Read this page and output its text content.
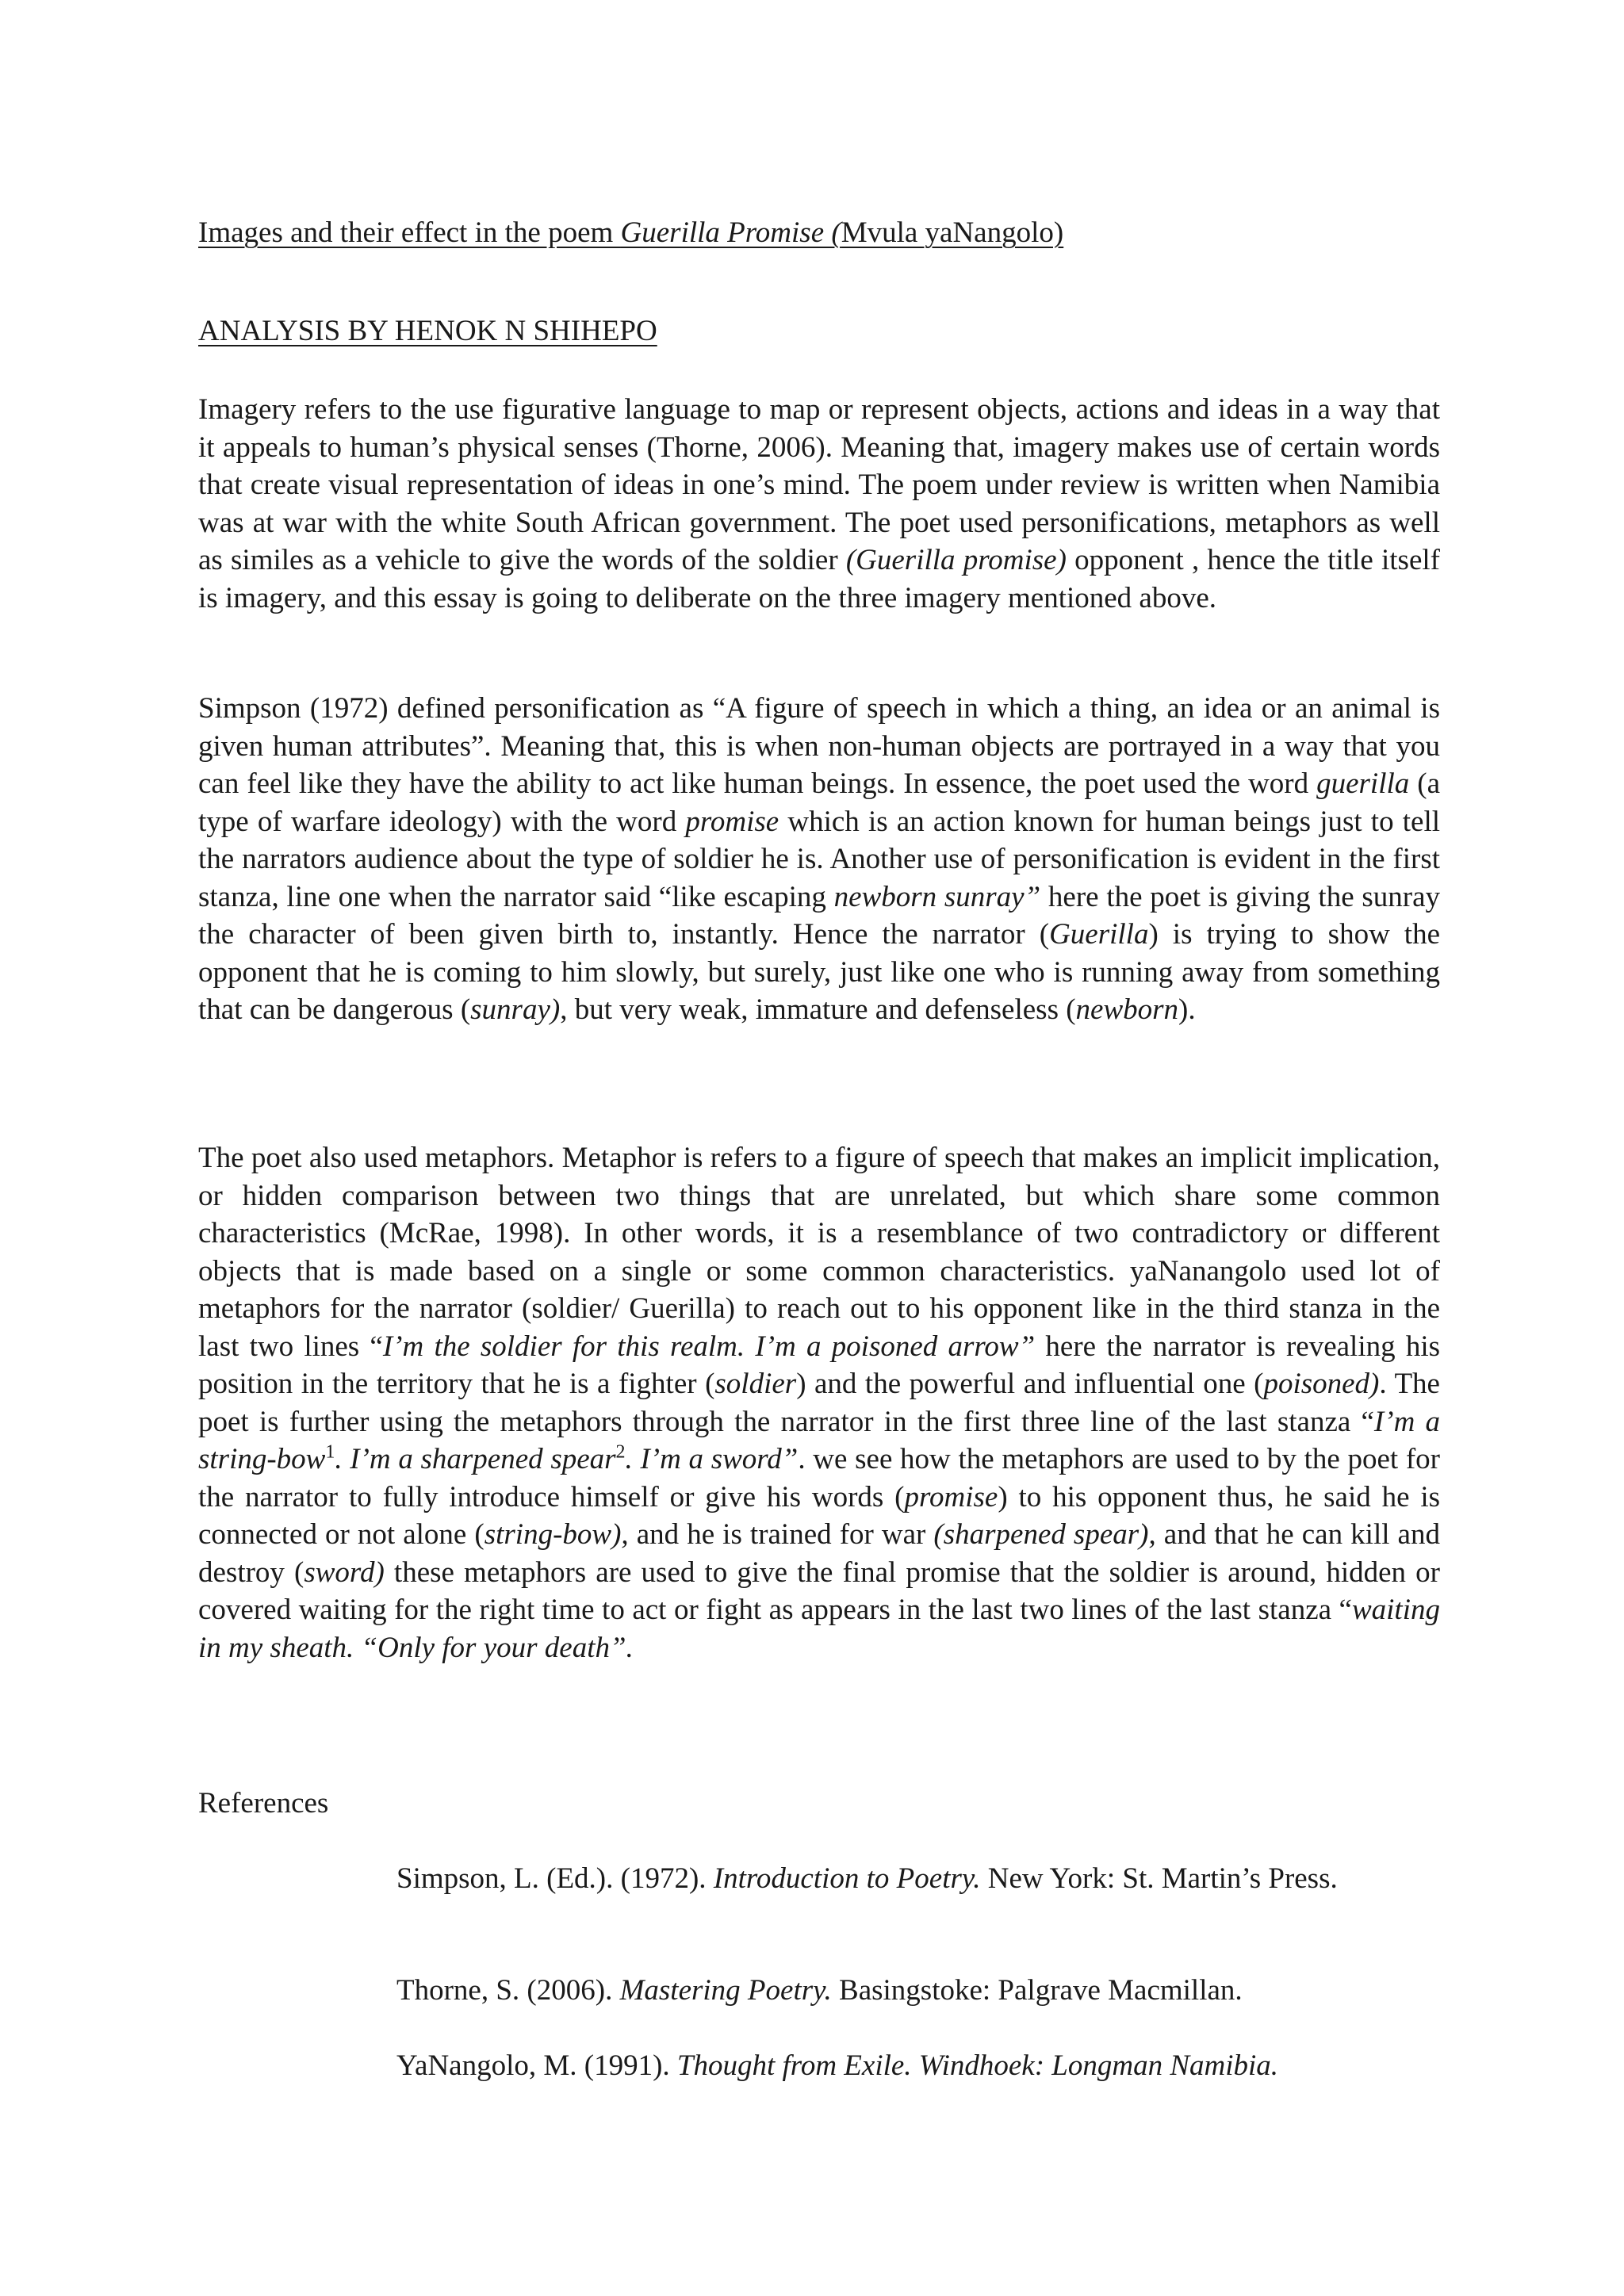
Images and their effect in the poem Guerilla Promise (Mvula yaNangolo)
ANALYSIS BY HENOK N SHIHEPO
Imagery refers to the use figurative language to map or represent objects, actions and ideas in a way that it appeals to human’s physical senses (Thorne, 2006). Meaning that, imagery makes use of certain words that create visual representation of ideas in one’s mind. The poem under review is written when Namibia was at war with the white South African government. The poet used personifications, metaphors as well as similes as a vehicle to give the words of the soldier (Guerilla promise) opponent , hence the title itself is imagery, and this essay is going to deliberate on the three imagery mentioned above.
Simpson (1972) defined personification as “A figure of speech in which a thing, an idea or an animal is given human attributes”. Meaning that, this is when non-human objects are portrayed in a way that you can feel like they have the ability to act like human beings. In essence, the poet used the word guerilla (a type of warfare ideology) with the word promise which is an action known for human beings just to tell the narrators audience about the type of soldier he is. Another use of personification is evident in the first stanza, line one when the narrator said “like escaping newborn sunray” here the poet is giving the sunray the character of been given birth to, instantly. Hence the narrator (Guerilla) is trying to show the opponent that he is coming to him slowly, but surely, just like one who is running away from something that can be dangerous (sunray), but very weak, immature and defenseless (newborn).
The poet also used metaphors. Metaphor is refers to a figure of speech that makes an implicit implication, or hidden comparison between two things that are unrelated, but which share some common characteristics (McRae, 1998). In other words, it is a resemblance of two contradictory or different objects that is made based on a single or some common characteristics. yaNanangolo used lot of metaphors for the narrator (soldier/ Guerilla) to reach out to his opponent like in the third stanza in the last two lines “I’m the soldier for this realm. I’m a poisoned arrow” here the narrator is revealing his position in the territory that he is a fighter (soldier) and the powerful and influential one (poisoned). The poet is further using the metaphors through the narrator in the first three line of the last stanza “I’m a string-bow$^1$. I’m a sharpened spear$^2$. I’m a sword”. we see how the metaphors are used to by the poet for the narrator to fully introduce himself or give his words (promise) to his opponent thus, he said he is connected or not alone (string-bow), and he is trained for war (sharpened spear), and that he can kill and destroy (sword) these metaphors are used to give the final promise that the soldier is around, hidden or covered waiting for the right time to act or fight as appears in the last two lines of the last stanza “waiting in my sheath. “Only for your death”.
References
Simpson, L. (Ed.). (1972). Introduction to Poetry. New York: St. Martin’s Press.
Thorne, S. (2006). Mastering Poetry. Basingstoke: Palgrave Macmillan.
YaNangolo, M. (1991). Thought from Exile. Windhoek: Longman Namibia.
